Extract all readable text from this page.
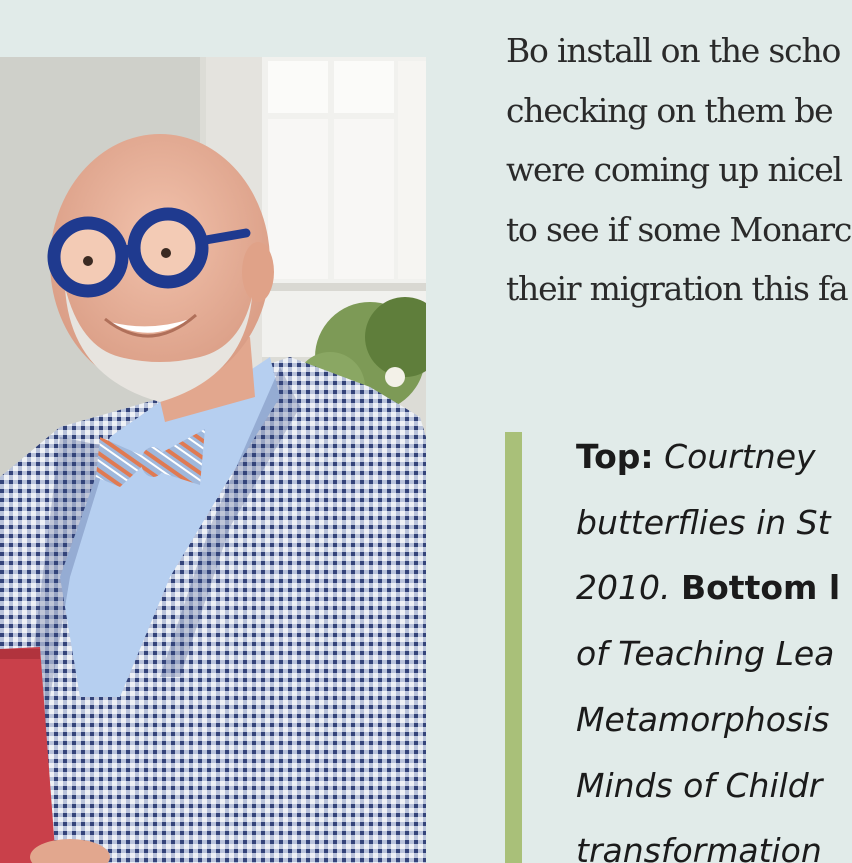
Bo install on the scho
checking on them be
were coming up nicel
to see if some Monarc
their migration this fa

Top: Courtney
butterflies in St
2010. Bottom l
of Teaching Lea
Metamorphosis
Minds of Childr
transformation
